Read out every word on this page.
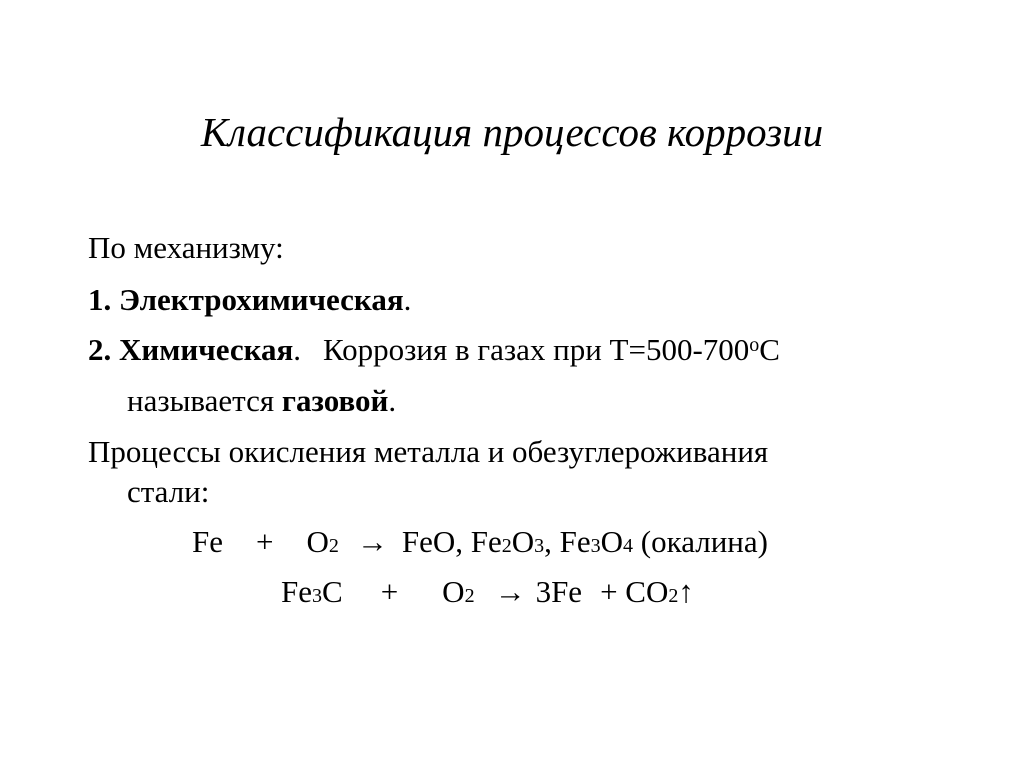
Классификация процессов коррозии
По механизму:
1. Электрохимическая.
2. Химическая. Коррозия в газах при $Т=500-700^оС$
называется газовой.
Процессы окисления металла и обезуглероживания
стали:
Fe + O2 → FeO, Fe2O3, Fe3O4 (окалина)
Fe3C + O2 → 3Fe + CO2↑
